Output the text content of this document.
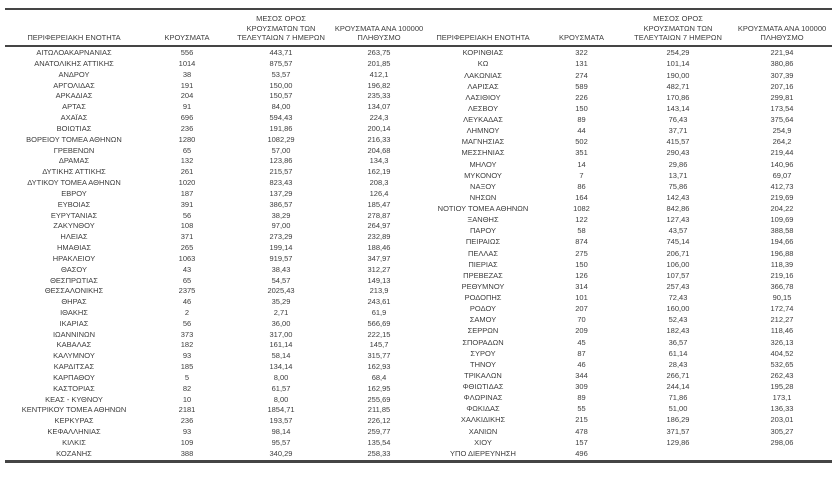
ΠΕΡΙΦΕΡΕΙΑΚΗ ΕΝΟΤΗΤΑ	ΚΡΟΥΣΜΑΤΑ	ΜΕΣΟΣ ΟΡΟΣ
ΚΡΟΥΣΜΑΤΩΝ ΤΩΝ
ΤΕΛΕΥΤΑΙΩΝ 7 ΗΜΕΡΩΝ	ΚΡΟΥΣΜΑΤΑ ΑΝΑ 100000
ΠΛΗΘΥΣΜΟ

ΑΙΤΩΛΟΑΚΑΡΝΑΝΙΑΣ	556	443,71	263,75
ΑΝΑΤΟΛΙΚΗΣ ΑΤΤΙΚΗΣ	1014	875,57	201,85
ΑΝΔΡΟΥ	38	53,57	412,1
ΑΡΓΟΛΙΔΑΣ	191	150,00	196,82
ΑΡΚΑΔΙΑΣ	204	150,57	235,33
ΑΡΤΑΣ	91	84,00	134,07
ΑΧΑΪΑΣ	696	594,43	224,3
ΒΟΙΩΤΙΑΣ	236	191,86	200,14
ΒΟΡΕΙΟΥ ΤΟΜΕΑ ΑΘΗΝΩΝ	1280	1082,29	216,33
ΓΡΕΒΕΝΩΝ	65	57,00	204,68
ΔΡΑΜΑΣ	132	123,86	134,3
ΔΥΤΙΚΗΣ ΑΤΤΙΚΗΣ	261	215,57	162,19
ΔΥΤΙΚΟΥ ΤΟΜΕΑ ΑΘΗΝΩΝ	1020	823,43	208,3
ΕΒΡΟΥ	187	137,29	126,4
ΕΥΒΟΙΑΣ	391	386,57	185,47
ΕΥΡΥΤΑΝΙΑΣ	56	38,29	278,87
ΖΑΚΥΝΘΟΥ	108	97,00	264,97
ΗΛΕΙΑΣ	371	273,29	232,89
ΗΜΑΘΙΑΣ	265	199,14	188,46
ΗΡΑΚΛΕΙΟΥ	1063	919,57	347,97
ΘΑΣΟΥ	43	38,43	312,27
ΘΕΣΠΡΩΤΙΑΣ	65	54,57	149,13
ΘΕΣΣΑΛΟΝΙΚΗΣ	2375	2025,43	213,9
ΘΗΡΑΣ	46	35,29	243,61
ΙΘΑΚΗΣ	2	2,71	61,9
ΙΚΑΡΙΑΣ	56	36,00	566,69
ΙΩΑΝΝΙΝΩΝ	373	317,00	222,15
ΚΑΒΑΛΑΣ	182	161,14	145,7
ΚΑΛΥΜΝΟΥ	93	58,14	315,77
ΚΑΡΔΙΤΣΑΣ	185	134,14	162,93
ΚΑΡΠΑΘΟΥ	5	8,00	68,4
ΚΑΣΤΟΡΙΑΣ	82	61,57	162,95
ΚΕΑΣ - ΚΥΘΝΟΥ	10	8,00	255,69
ΚΕΝΤΡΙΚΟΥ ΤΟΜΕΑ ΑΘΗΝΩΝ	2181	1854,71	211,85
ΚΕΡΚΥΡΑΣ	236	193,57	226,12
ΚΕΦΑΛΛΗΝΙΑΣ	93	98,14	259,77
ΚΙΛΚΙΣ	109	95,57	135,54
ΚΟΖΑΝΗΣ	388	340,29	258,33
ΠΕΡΙΦΕΡΕΙΑΚΗ ΕΝΟΤΗΤΑ	ΚΡΟΥΣΜΑΤΑ	ΜΕΣΟΣ ΟΡΟΣ
ΚΡΟΥΣΜΑΤΩΝ ΤΩΝ
ΤΕΛΕΥΤΑΙΩΝ 7 ΗΜΕΡΩΝ	ΚΡΟΥΣΜΑΤΑ ΑΝΑ 100000
ΠΛΗΘΥΣΜΟ

ΚΟΡΙΝΘΙΑΣ	322	254,29	221,94
ΚΩ	131	101,14	380,86
ΛΑΚΩΝΙΑΣ	274	190,00	307,39
ΛΑΡΙΣΑΣ	589	482,71	207,16
ΛΑΣΙΘΙΟΥ	226	170,86	299,81
ΛΕΣΒΟΥ	150	143,14	173,54
ΛΕΥΚΑΔΑΣ	89	76,43	375,64
ΛΗΜΝΟΥ	44	37,71	254,9
ΜΑΓΝΗΣΙΑΣ	502	415,57	264,2
ΜΕΣΣΗΝΙΑΣ	351	290,43	219,44
ΜΗΛΟΥ	14	29,86	140,96
ΜΥΚΟΝΟΥ	7	13,71	69,07
ΝΑΞΟΥ	86	75,86	412,73
ΝΗΣΩΝ	164	142,43	219,69
ΝΟΤΙΟΥ ΤΟΜΕΑ ΑΘΗΝΩΝ	1082	842,86	204,22
ΞΑΝΘΗΣ	122	127,43	109,69
ΠΑΡΟΥ	58	43,57	388,58
ΠΕΙΡΑΙΩΣ	874	745,14	194,66
ΠΕΛΛΑΣ	275	206,71	196,88
ΠΙΕΡΙΑΣ	150	106,00	118,39
ΠΡΕΒΕΖΑΣ	126	107,57	219,16
ΡΕΘΥΜΝΟΥ	314	257,43	366,78
ΡΟΔΟΠΗΣ	101	72,43	90,15
ΡΟΔΟΥ	207	160,00	172,74
ΣΑΜΟΥ	70	52,43	212,27
ΣΕΡΡΩΝ	209	182,43	118,46
ΣΠΟΡΑΔΩΝ	45	36,57	326,13
ΣΥΡΟΥ	87	61,14	404,52
ΤΗΝΟΥ	46	28,43	532,65
ΤΡΙΚΑΛΩΝ	344	266,71	262,43
ΦΘΙΩΤΙΔΑΣ	309	244,14	195,28
ΦΛΩΡΙΝΑΣ	89	71,86	173,1
ΦΩΚΙΔΑΣ	55	51,00	136,33
ΧΑΛΚΙΔΙΚΗΣ	215	186,29	203,01
ΧΑΝΙΩΝ	478	371,57	305,27
ΧΙΟΥ	157	129,86	298,06
ΥΠΟ ΔΙΕΡΕΥΝΗΣΗ	496		
